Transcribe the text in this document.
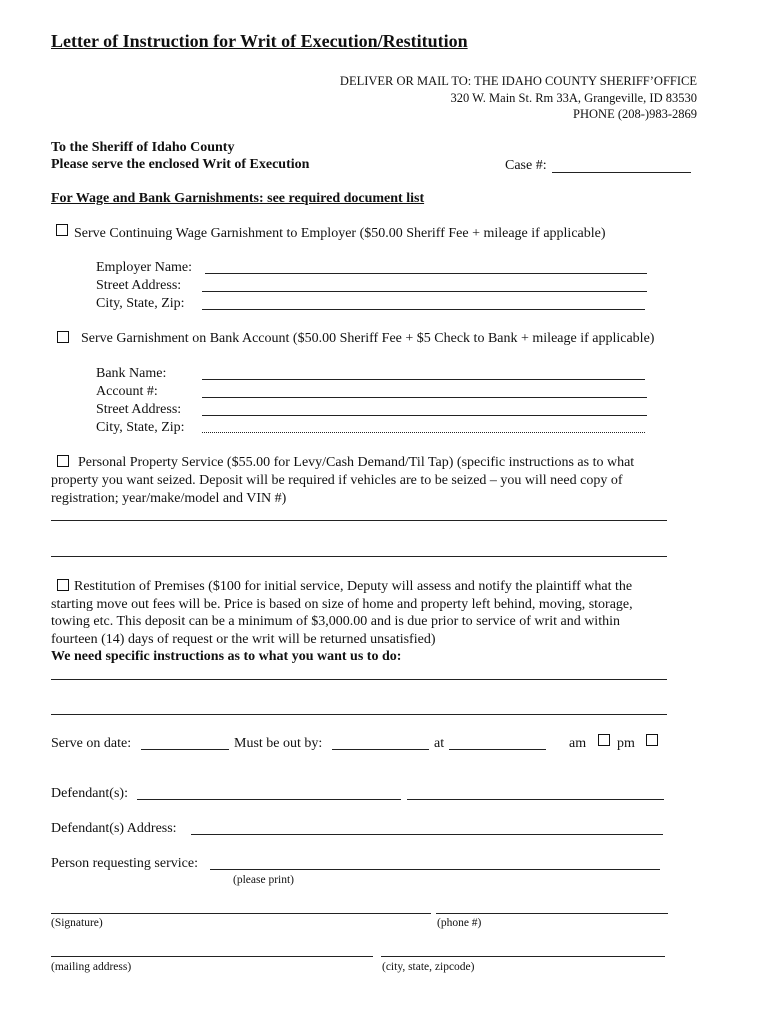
Letter of Instruction for Writ of Execution/Restitution
DELIVER OR MAIL TO: THE IDAHO COUNTY SHERIFF’OFFICE
320 W. Main St. Rm 33A, Grangeville, ID 83530
PHONE (208-)983-2869
To the Sheriff of Idaho County
Please serve the enclosed Writ of Execution	Case #:
For Wage and Bank Garnishments: see required document list
Serve Continuing Wage Garnishment to Employer ($50.00 Sheriff Fee + mileage if applicable)
Employer Name:
Street Address:
City, State, Zip:
Serve Garnishment on Bank Account ($50.00 Sheriff Fee + $5 Check to Bank + mileage if applicable)
Bank Name:
Account #:
Street Address:
City, State, Zip:
Personal Property Service ($55.00 for Levy/Cash Demand/Til Tap) (specific instructions as to what
property you want seized. Deposit will be required if vehicles are to be seized – you will need copy of
registration; year/make/model and VIN #)
Restitution of Premises ($100 for initial service, Deputy will assess and notify the plaintiff what the
starting move out fees will be. Price is based on size of home and property left behind, moving, storage,
towing etc. This deposit can be a minimum of $3,000.00 and is due prior to service of writ and within
fourteen (14) days of request or the writ will be returned unsatisfied)
We need specific instructions as to what you want us to do:
Serve on date:	Must be out by:	at	am pm
Defendant(s):
Defendant(s) Address:
Person requesting service:
(please print)
(Signature)	(phone #)
(mailing address)	(city, state, zipcode)
